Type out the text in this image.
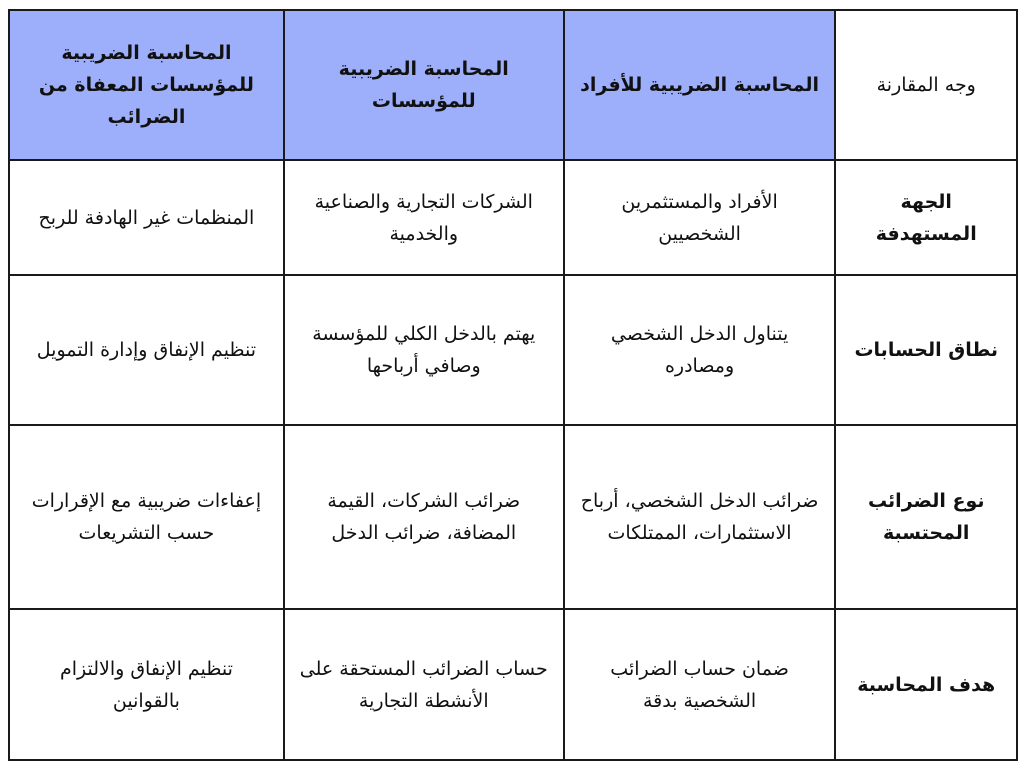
وجه المقارنة	المحاسبة الضريبية للأفراد	المحاسبة الضريبية للمؤسسات	المحاسبة الضريبية للمؤسسات المعفاة من الضرائب
الجهة المستهدفة	الأفراد والمستثمرين الشخصيين	الشركات التجارية والصناعية والخدمية	المنظمات غير الهادفة للربح
نطاق الحسابات	يتناول الدخل الشخصي ومصادره	يهتم بالدخل الكلي للمؤسسة وصافي أرباحها	تنظيم الإنفاق وإدارة التمويل
نوع الضرائب المحتسبة	ضرائب الدخل الشخصي، أرباح الاستثمارات، الممتلكات	ضرائب الشركات، القيمة المضافة، ضرائب الدخل	إعفاءات ضريبية مع الإقرارات حسب التشريعات
هدف المحاسبة	ضمان حساب الضرائب الشخصية بدقة	حساب الضرائب المستحقة على الأنشطة التجارية	تنظيم الإنفاق والالتزام بالقوانين
